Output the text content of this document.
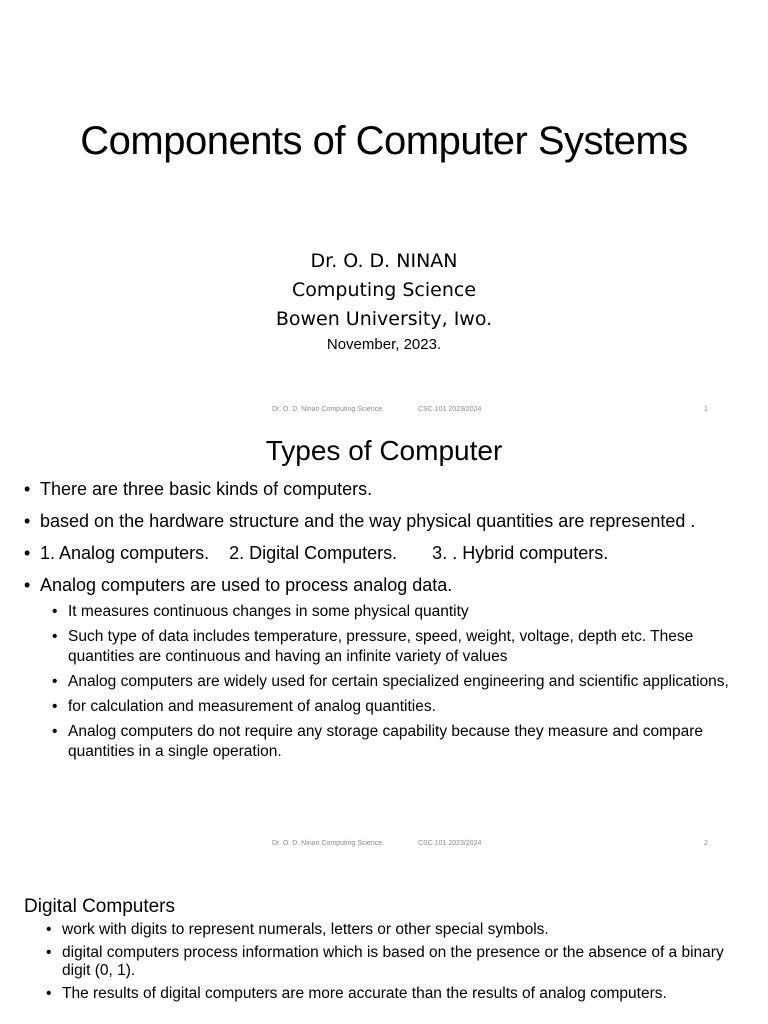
Components of Computer Systems
Dr. O. D. NINAN
Computing Science
Bowen University, Iwo.
November, 2023.
Dr. O. D. Ninan Computing Science.	CSC 101 2023/2024	1
Types of Computer
• There are three basic kinds of computers.
• based on the hardware structure and the way physical quantities are represented .
• 1. Analog computers.    2. Digital Computers.       3. . Hybrid computers.
• Analog computers are used to process analog data.
• It measures continuous changes in some physical quantity
• Such type of data includes temperature, pressure, speed, weight, voltage, depth etc. These quantities are continuous and having an infinite variety of values
• Analog computers are widely used for certain specialized engineering and scientific applications,
• for calculation and measurement of analog quantities.
• Analog computers do not require any storage capability because they measure and compare quantities in a single operation.
Dr. O. D. Ninan Computing Science.	CSC 101 2023/2024	2
Digital Computers
• work with digits to represent numerals, letters or other special symbols.
• digital computers process information which is based on the presence or the absence of a binary digit (0, 1).
• The results of digital computers are more accurate than the results of analog computers.
